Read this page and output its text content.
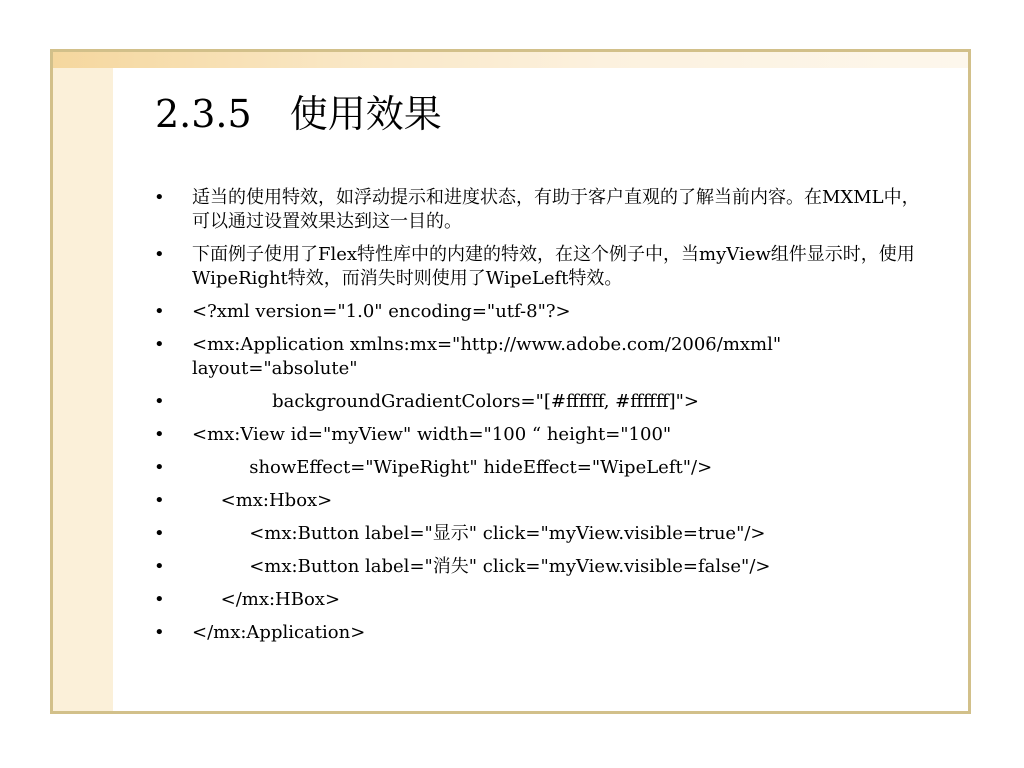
2.3.5　使用效果
• 适当的使用特效，如浮动提示和进度状态，有助于客户直观的了解当前内容。在MXML中，可以通过设置效果达到这一目的。
• 下面例子使用了Flex特性库中的内建的特效，在这个例子中，当myView组件显示时，使用WipeRight特效，而消失时则使用了WipeLeft特效。
• <?xml version="1.0" encoding="utf-8"?>
• <mx:Application xmlns:mx="http://www.adobe.com/2006/mxml" layout="absolute"
• backgroundGradientColors="[#ffffff, #ffffff]">
• <mx:View id="myView" width="100 “ height="100"
• showEffect="WipeRight" hideEffect="WipeLeft"/>
• <mx:Hbox>
• <mx:Button label="显示" click="myView.visible=true"/>
• <mx:Button label="消失" click="myView.visible=false"/>
• </mx:HBox>
• </mx:Application>
